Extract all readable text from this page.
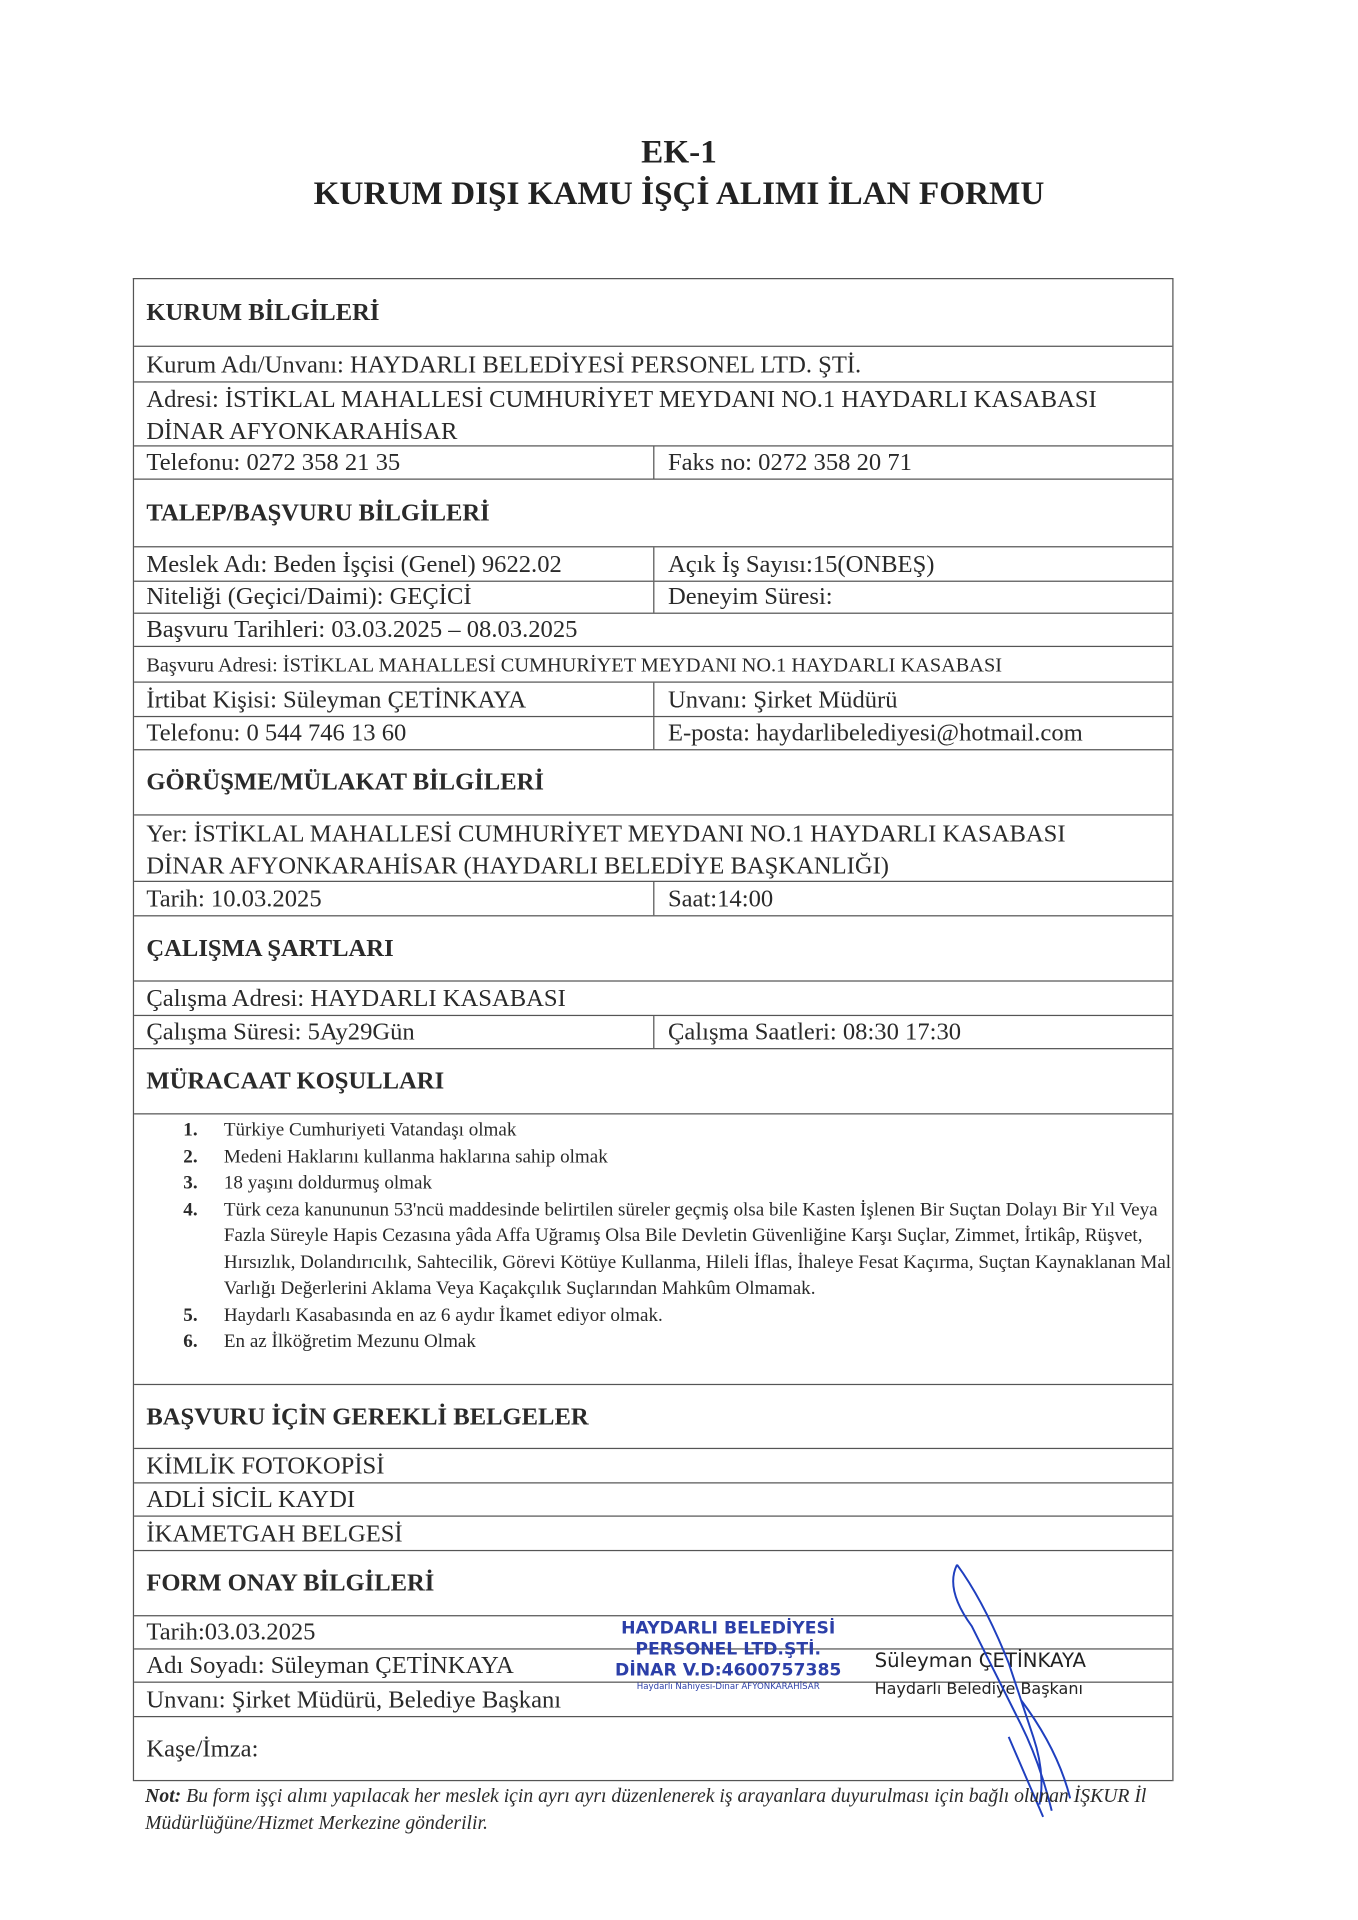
EK-1
KURUM DIŞI KAMU İŞÇİ ALIMI İLAN FORMU
KURUM BİLGİLERİ
Kurum Adı/Unvanı: HAYDARLI BELEDİYESİ PERSONEL LTD. ŞTİ.
Adresi: İSTİKLAL MAHALLESİ CUMHURİYET MEYDANI NO.1 HAYDARLI KASABASI
DİNAR AFYONKARAHİSAR
Telefonu: 0272 358 21 35	Faks no: 0272 358 20 71
TALEP/BAŞVURU BİLGİLERİ
Meslek Adı: Beden İşçisi (Genel) 9622.02	Açık İş Sayısı:15(ONBEŞ)
Niteliği (Geçici/Daimi): GEÇİCİ	Deneyim Süresi:
Başvuru Tarihleri: 03.03.2025 – 08.03.2025
Başvuru Adresi: İSTİKLAL MAHALLESİ CUMHURİYET MEYDANI NO.1 HAYDARLI KASABASI
İrtibat Kişisi: Süleyman ÇETİNKAYA	Unvanı: Şirket Müdürü
Telefonu: 0 544 746 13 60	E-posta: haydarlibelediyesi@hotmail.com
GÖRÜŞME/MÜLAKAT BİLGİLERİ
Yer: İSTİKLAL MAHALLESİ CUMHURİYET MEYDANI NO.1 HAYDARLI KASABASI
DİNAR AFYONKARAHİSAR (HAYDARLI BELEDİYE BAŞKANLIĞI)
Tarih: 10.03.2025	Saat:14:00
ÇALIŞMA ŞARTLARI
Çalışma Adresi: HAYDARLI KASABASI
Çalışma Süresi: 5Ay29Gün	Çalışma Saatleri: 08:30 17:30
MÜRACAAT KOŞULLARI
1.	Türkiye Cumhuriyeti Vatandaşı olmak
2.	Medeni Haklarını kullanma haklarına sahip olmak
3.	18 yaşını doldurmuş olmak
4.	Türk ceza kanununun 53'ncü maddesinde belirtilen süreler geçmiş olsa bile Kasten İşlenen Bir Suçtan Dolayı Bir Yıl Veya Fazla Süreyle Hapis Cezasına yâda Affa Uğramış Olsa Bile Devletin Güvenliğine Karşı Suçlar, Zimmet, İrtikâp, Rüşvet, Hırsızlık, Dolandırıcılık, Sahtecilik, Görevi Kötüye Kullanma, Hileli İflas, İhaleye Fesat Kaçırma, Suçtan Kaynaklanan Mal Varlığı Değerlerini Aklama Veya Kaçakçılık Suçlarından Mahkûm Olmamak.
5.	Haydarlı Kasabasında en az 6 aydır İkamet ediyor olmak.
6.	En az İlköğretim Mezunu Olmak
BAŞVURU İÇİN GEREKLİ BELGELER
KİMLİK FOTOKOPİSİ
ADLİ SİCİL KAYDI
İKAMETGAH BELGESİ
FORM ONAY BİLGİLERİ
Tarih:03.03.2025
Adı Soyadı: Süleyman ÇETİNKAYA
Unvanı: Şirket Müdürü, Belediye Başkanı
Kaşe/İmza:
HAYDARLI BELEDİYESİ
PERSONEL LTD.ŞTİ.
DİNAR V.D:4600757385
Haydarlı Nahiyesi-Dinar AFYONKARAHİSAR
Süleyman ÇETİNKAYA
Haydarlı Belediye Başkanı
Not: Bu form işçi alımı yapılacak her meslek için ayrı ayrı düzenlenerek iş arayanlara duyurulması için bağlı olunan İŞKUR İl Müdürlüğüne/Hizmet Merkezine gönderilir.
